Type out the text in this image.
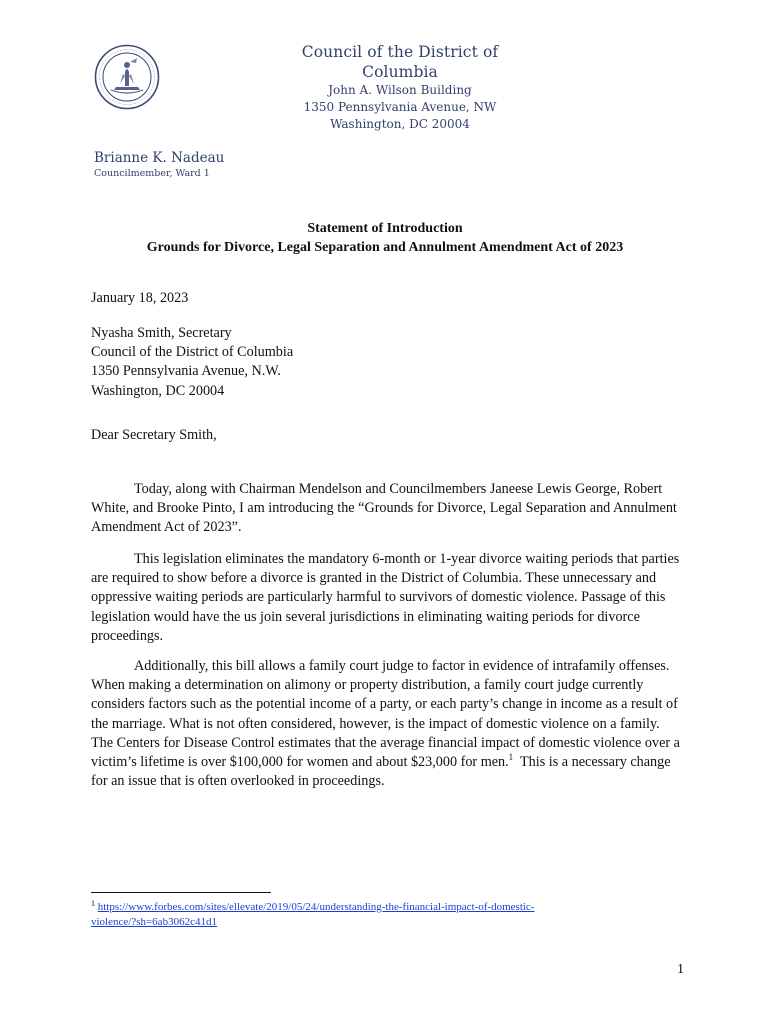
Council of the District of Columbia
John A. Wilson Building
1350 Pennsylvania Avenue, NW
Washington, DC 20004
Brianne K. Nadeau
Councilmember, Ward 1
Statement of Introduction
Grounds for Divorce, Legal Separation and Annulment Amendment Act of 2023
January 18, 2023
Nyasha Smith, Secretary
Council of the District of Columbia
1350 Pennsylvania Avenue, N.W.
Washington, DC 20004
Dear Secretary Smith,
Today, along with Chairman Mendelson and Councilmembers Janeese Lewis George, Robert White, and Brooke Pinto, I am introducing the “Grounds for Divorce, Legal Separation and Annulment Amendment Act of 2023”.
This legislation eliminates the mandatory 6-month or 1-year divorce waiting periods that parties are required to show before a divorce is granted in the District of Columbia. These unnecessary and oppressive waiting periods are particularly harmful to survivors of domestic violence. Passage of this legislation would have the us join several jurisdictions in eliminating waiting periods for divorce proceedings.
Additionally, this bill allows a family court judge to factor in evidence of intrafamily offenses. When making a determination on alimony or property distribution, a family court judge currently considers factors such as the potential income of a party, or each party’s change in income as a result of the marriage. What is not often considered, however, is the impact of domestic violence on a family. The Centers for Disease Control estimates that the average financial impact of domestic violence over a victim’s lifetime is over $100,000 for women and about $23,000 for men.$^1$ This is a necessary change for an issue that is often overlooked in proceedings.
$^1$ https://www.forbes.com/sites/ellevate/2019/05/24/understanding-the-financial-impact-of-domestic-
violence/?sh=6ab3062c41d1
1
